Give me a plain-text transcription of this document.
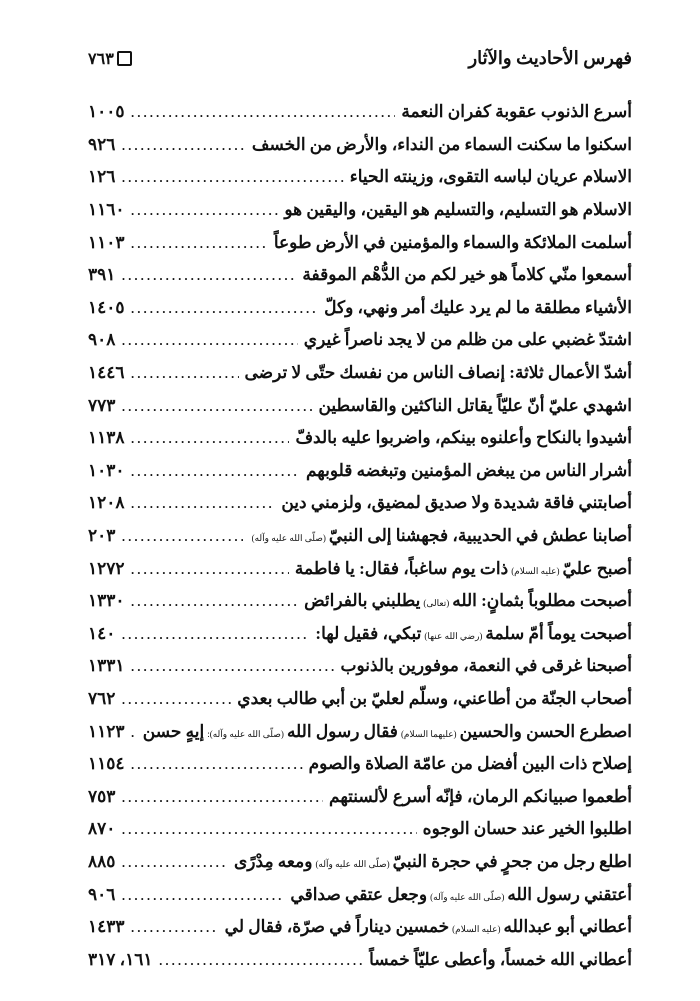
فهرس الأحاديث والآثار
٧٦٣
أسرع الذنوب عقوبة كفران النعمة
.....
١٠٠٥
اسكنوا ما سكنت السماء من النداء، والأرض من الخسف
.....
٩٢٦
الاسلام عريان لباسه التقوى، وزينته الحياء
.....
١٢٦
الاسلام هو التسليم، والتسليم هو اليقين، واليقين هو
.....
١١٦٠
أسلمت الملائكة والسماء والمؤمنين في الأرض طوعاً
.....
١١٠٣
أسمعوا منّي كلاماً هو خير لكم من الدُّهْم الموقفة
.....
٣٩١
الأشياء مطلقة ما لم يرد عليك أمر ونهي، وكلّ
.....
١٤٠٥
اشتدّ غضبي على من ظلم من لا يجد ناصراً غيري
.....
٩٠٨
أشدّ الأعمال ثلاثة: إنصاف الناس من نفسك حتّى لا ترضى
.....
١٤٤٦
اشهدي عليّ أنّ عليّاً يقاتل الناكثين والقاسطين
.....
٧٧٣
أشيدوا بالنكاح وأعلنوه بينكم، واضربوا عليه بالدفّ
.....
١١٣٨
أشرار الناس من يبغض المؤمنين وتبغضه قلوبهم
.....
١٠٣٠
أصابتني فاقة شديدة ولا صديق لمضيق، ولزمني دين
.....
١٢٠٨
أصابنا عطش في الحديبية، فجهشنا إلى النبيّ(صلّى الله عليه وآله)
.....
٢٠٣
أصبح عليّ(عليه السلام)ذات يوم ساغباً، فقال: يا فاطمة
.....
١٢٧٢
أصبحت مطلوباً بثمانٍ: الله(تعالى)يطلبني بالفرائض
.....
١٣٣٠
أصبحت يوماً أمّ سلمة(رضي الله عنها)تبكي، فقيل لها:
.....
١٤٠
أصبحنا غرقى في النعمة، موفورين بالذنوب
.....
١٣٣١
أصحاب الجنّة من أطاعني، وسلّم لعليّ بن أبي طالب بعدي
.....
٧٦٢
اصطرع الحسن والحسين(عليهما السلام)فقال رسول الله(صلّى الله عليه وآله):إيهٍ حسن
.....
١١٢٣
إصلاح ذات البين أفضل من عامّة الصلاة والصوم
.....
١١٥٤
أطعموا صبيانكم الرمان، فإنّه أسرع لألسنتهم
.....
٧٥٣
اطلبوا الخير عند حسان الوجوه
.....
٨٧٠
اطلع رجل من جحرٍ في حجرة النبيّ(صلّى الله عليه وآله)ومعه مِدْرًى
.....
٨٨٥
أعتقني رسول الله(صلّى الله عليه وآله)وجعل عتقي صداقي
.....
٩٠٦
أعطاني أبو عبدالله(عليه السلام)خمسين ديناراً في صرّة، فقال لي
.....
١٤٣٣
أعطاني الله خمساً، وأعطى عليّاً خمساً
.....
١٦١، ٣١٧
